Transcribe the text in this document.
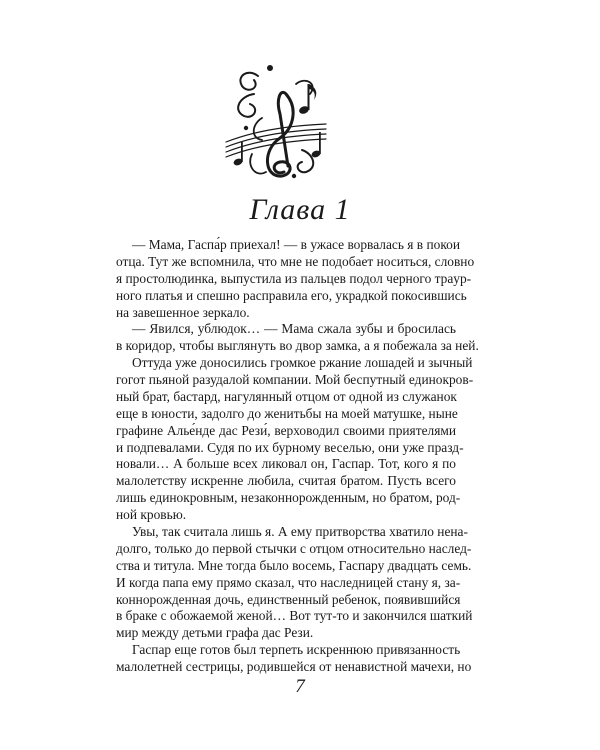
Глава 1
— Мама, Гаспа́р приехал! — в ужасе ворвалась я в покои
отца. Тут же вспомнила, что мне не подобает носиться, словно
я простолюдинка, выпустила из пальцев подол черного трaур-
ного платья и спешно расправила его, украдкой покосившись
на завешенное зеркало.
— Явился, ублюдок… — Мама сжала зубы и бросилась
в коридор, чтобы выглянуть во двор замка, а я побежала за ней.
Оттуда уже доносились громкое ржание лошадей и зычный
гогот пьяной разудалой компании. Мой беспутный единокров-
ный брат, бастард, нагулянный отцом от одной из служанок
еще в юности, задолго до женитьбы на моей матушке, ныне
графине Алье́нде дас Рези́, верховодил своими приятелями
и подпевалами. Судя по их бурному веселью, они уже празд-
новали… А больше всех ликовал он, Гаспар. Тот, кого я по
малолетству искренне любила, считая братом. Пусть всего
лишь единокровным, незаконнорожденным, но братом, род-
ной кровью.
Увы, так считала лишь я. А ему притворства хватило нена-
долго, только до первой стычки с отцом относительно наслед-
ства и титула. Мне тогда было восемь, Гаспару двадцать семь.
И когда папа ему прямо сказал, что наследницей стану я, за-
коннорожденная дочь, единственный ребенок, появившийся
в браке с обожаемой женой… Вот тут-то и закончился шаткий
мир между детьми графа дас Рези.
Гаспар еще готов был терпеть искреннюю привязанность
малолетней сестрицы, родившейся от ненавистной мачехи, но
7
